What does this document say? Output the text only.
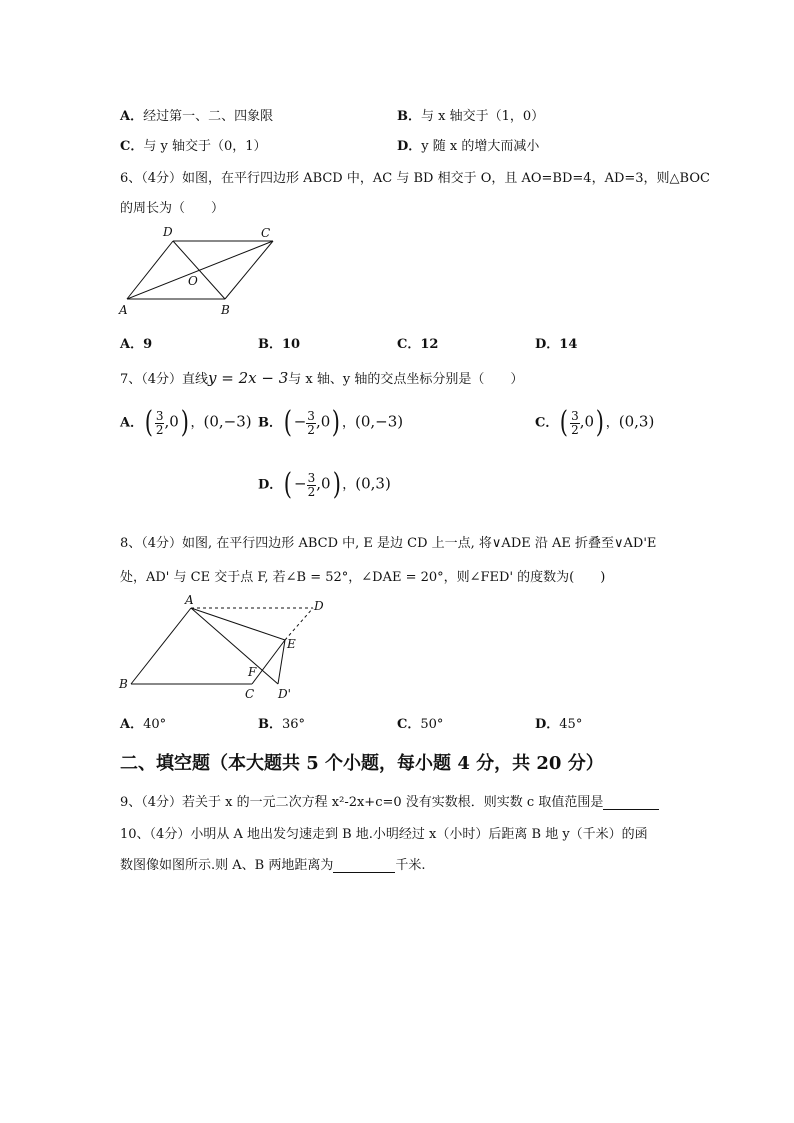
A．经过第一、二、四象限	B．与 x 轴交于（1，0）
C．与 y 轴交于（0，1）	D．y 随 x 的增大而减小
6、（4分）如图，在平行四边形 ABCD 中，AC 与 BD 相交于 O，且 AO=BD=4，AD=3，则△BOC
的周长为（　　）
D	C
O
A	B
A．9	B．10	C．12	D．14
7、（4分）直线y = 2x − 3与 x 轴、y 轴的交点坐标分别是（　　）
A．( $\frac{3}{2} ,0$) ，(0,−3) B．( − $\frac{3}{2} ,0$) ，(0,−3)	C．( $\frac{3}{2} ,0$) ，(0,3)
D．( − $\frac{3}{2} ,0$) ，(0,3)
8、（4分）如图, 在平行四边形 ABCD 中, E 是边 CD 上一点, 将∨ADE 沿 AE 折叠至∨AD'E
处，AD' 与 CE 交于点 F, 若∠B = 52°，∠DAE = 20°，则∠FED' 的度数为(　　)
A	D
E
F
B
C D'
A．40°	B．36°	C．50°	D．45°
二、填空题（本大题共 5 个小题，每小题 4 分，共 20 分）
9、（4分）若关于 x 的一元二次方程 x²-2x+c=0 没有实数根．则实数 c 取值范围是
10、（4分）小明从 A 地出发匀速走到 B 地.小明经过 x（小时）后距离 B 地 y（千米）的函
数图像如图所示.则 A、B 两地距离为	千米.
